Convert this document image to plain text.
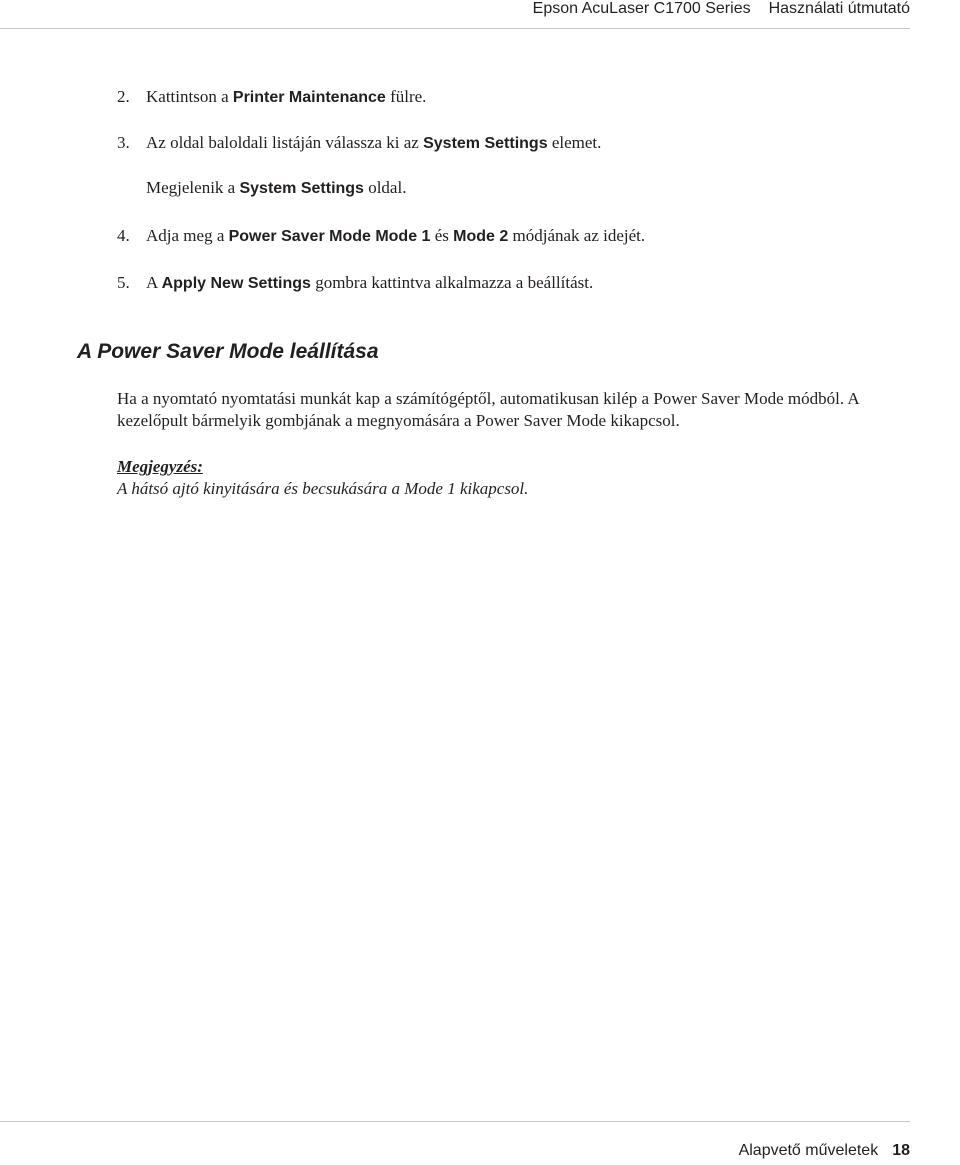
Epson AcuLaser C1700 Series Használati útmutató
2. Kattintson a Printer Maintenance fülre.
3. Az oldal baloldali listáján válassza ki az System Settings elemet.
Megjelenik a System Settings oldal.
4. Adja meg a Power Saver Mode Mode 1 és Mode 2 módjának az idejét.
5. A Apply New Settings gombra kattintva alkalmazza a beállítást.
A Power Saver Mode leállítása
Ha a nyomtató nyomtatási munkát kap a számítógéptől, automatikusan kilép a Power Saver Mode módból. A kezelőpult bármelyik gombjának a megnyomására a Power Saver Mode kikapcsol.
Megjegyzés:
A hátsó ajtó kinyitására és becsukására a Mode 1 kikapcsol.
Alapvető műveletek 18
